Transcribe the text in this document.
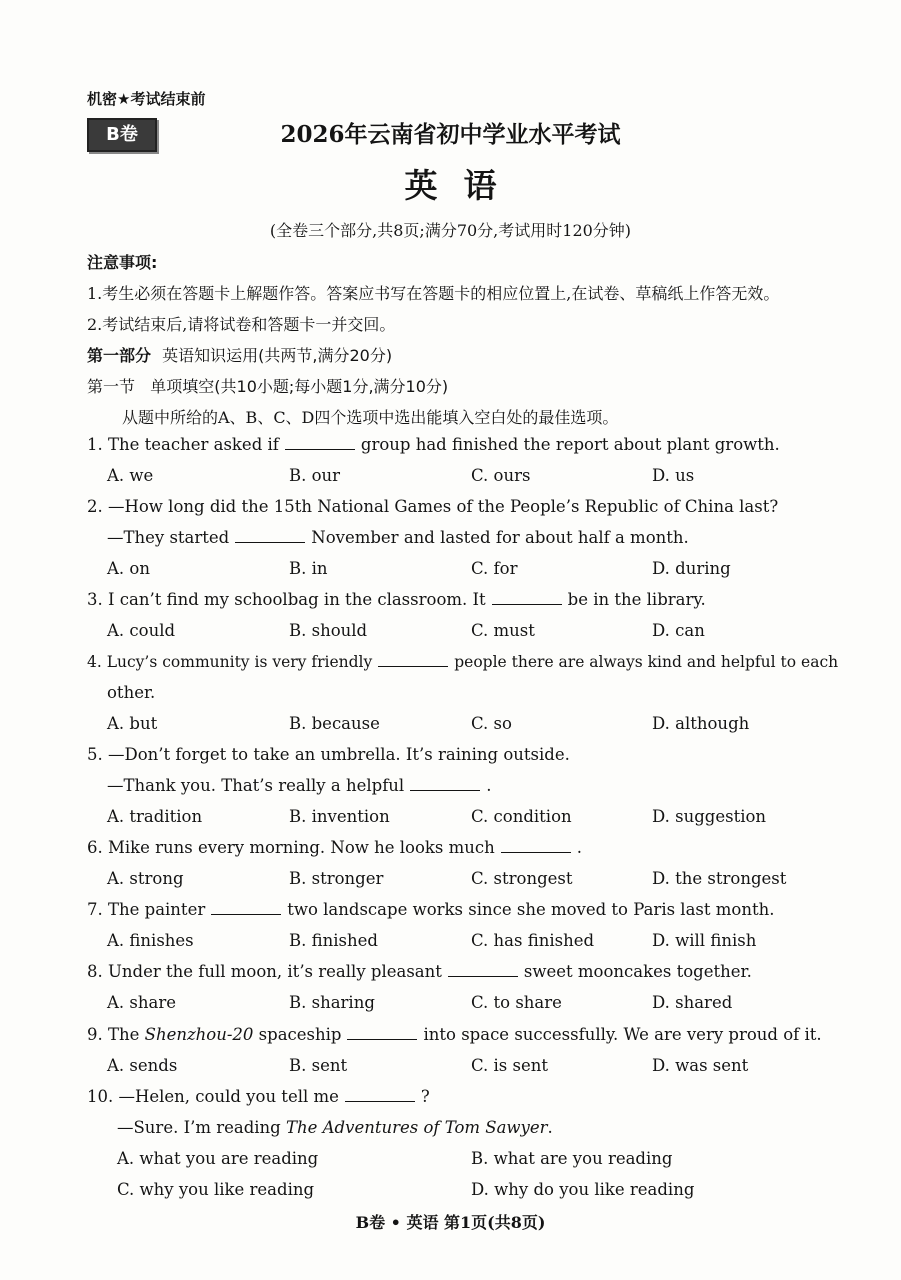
机密★考试结束前
B卷	2026年云南省初中学业水平考试
英语
(全卷三个部分,共8页;满分70分,考试用时120分钟)
注意事项:
1.考生必须在答题卡上解题作答。答案应书写在答题卡的相应位置上,在试卷、草稿纸上作答无效。
2.考试结束后,请将试卷和答题卡一并交回。
第一部分 英语知识运用(共两节,满分20分)
第一节 单项填空(共10小题;每小题1分,满分10分)
从题中所给的A、B、C、D四个选项中选出能填入空白处的最佳选项。
1. The teacher asked if	group had finished the report about plant growth.
A. we	B. our	C. ours	D. us
2. —How long did the 15th National Games of the People’s Republic of China last?
—They started	November and lasted for about half a month.
A. on	B. in	C. for	D. during
3. I can’t find my schoolbag in the classroom. It	be in the library.
A. could	B. should	C. must	D. can
4. Lucy’s community is very friendly	people there are always kind and helpful to each
other.
A. but	B. because	C. so	D. although
5. —Don’t forget to take an umbrella. It’s raining outside.
—Thank you. That’s really a helpful	.
A. tradition	B. invention	C. condition	D. suggestion
6. Mike runs every morning. Now he looks much	.
A. strong	B. stronger	C. strongest	D. the strongest
7. The painter	two landscape works since she moved to Paris last month.
A. finishes	B. finished	C. has finished	D. will finish
8. Under the full moon, it’s really pleasant	sweet mooncakes together.
A. share	B. sharing	C. to share	D. shared
9. The Shenzhou-20 spaceship	into space successfully. We are very proud of it.
A. sends	B. sent	C. is sent	D. was sent
10. —Helen, could you tell me	?
—Sure. I’m reading The Adventures of Tom Sawyer.
A. what you are reading	B. what are you reading
C. why you like reading	D. why do you like reading
B卷 • 英语 第1页(共8页)
